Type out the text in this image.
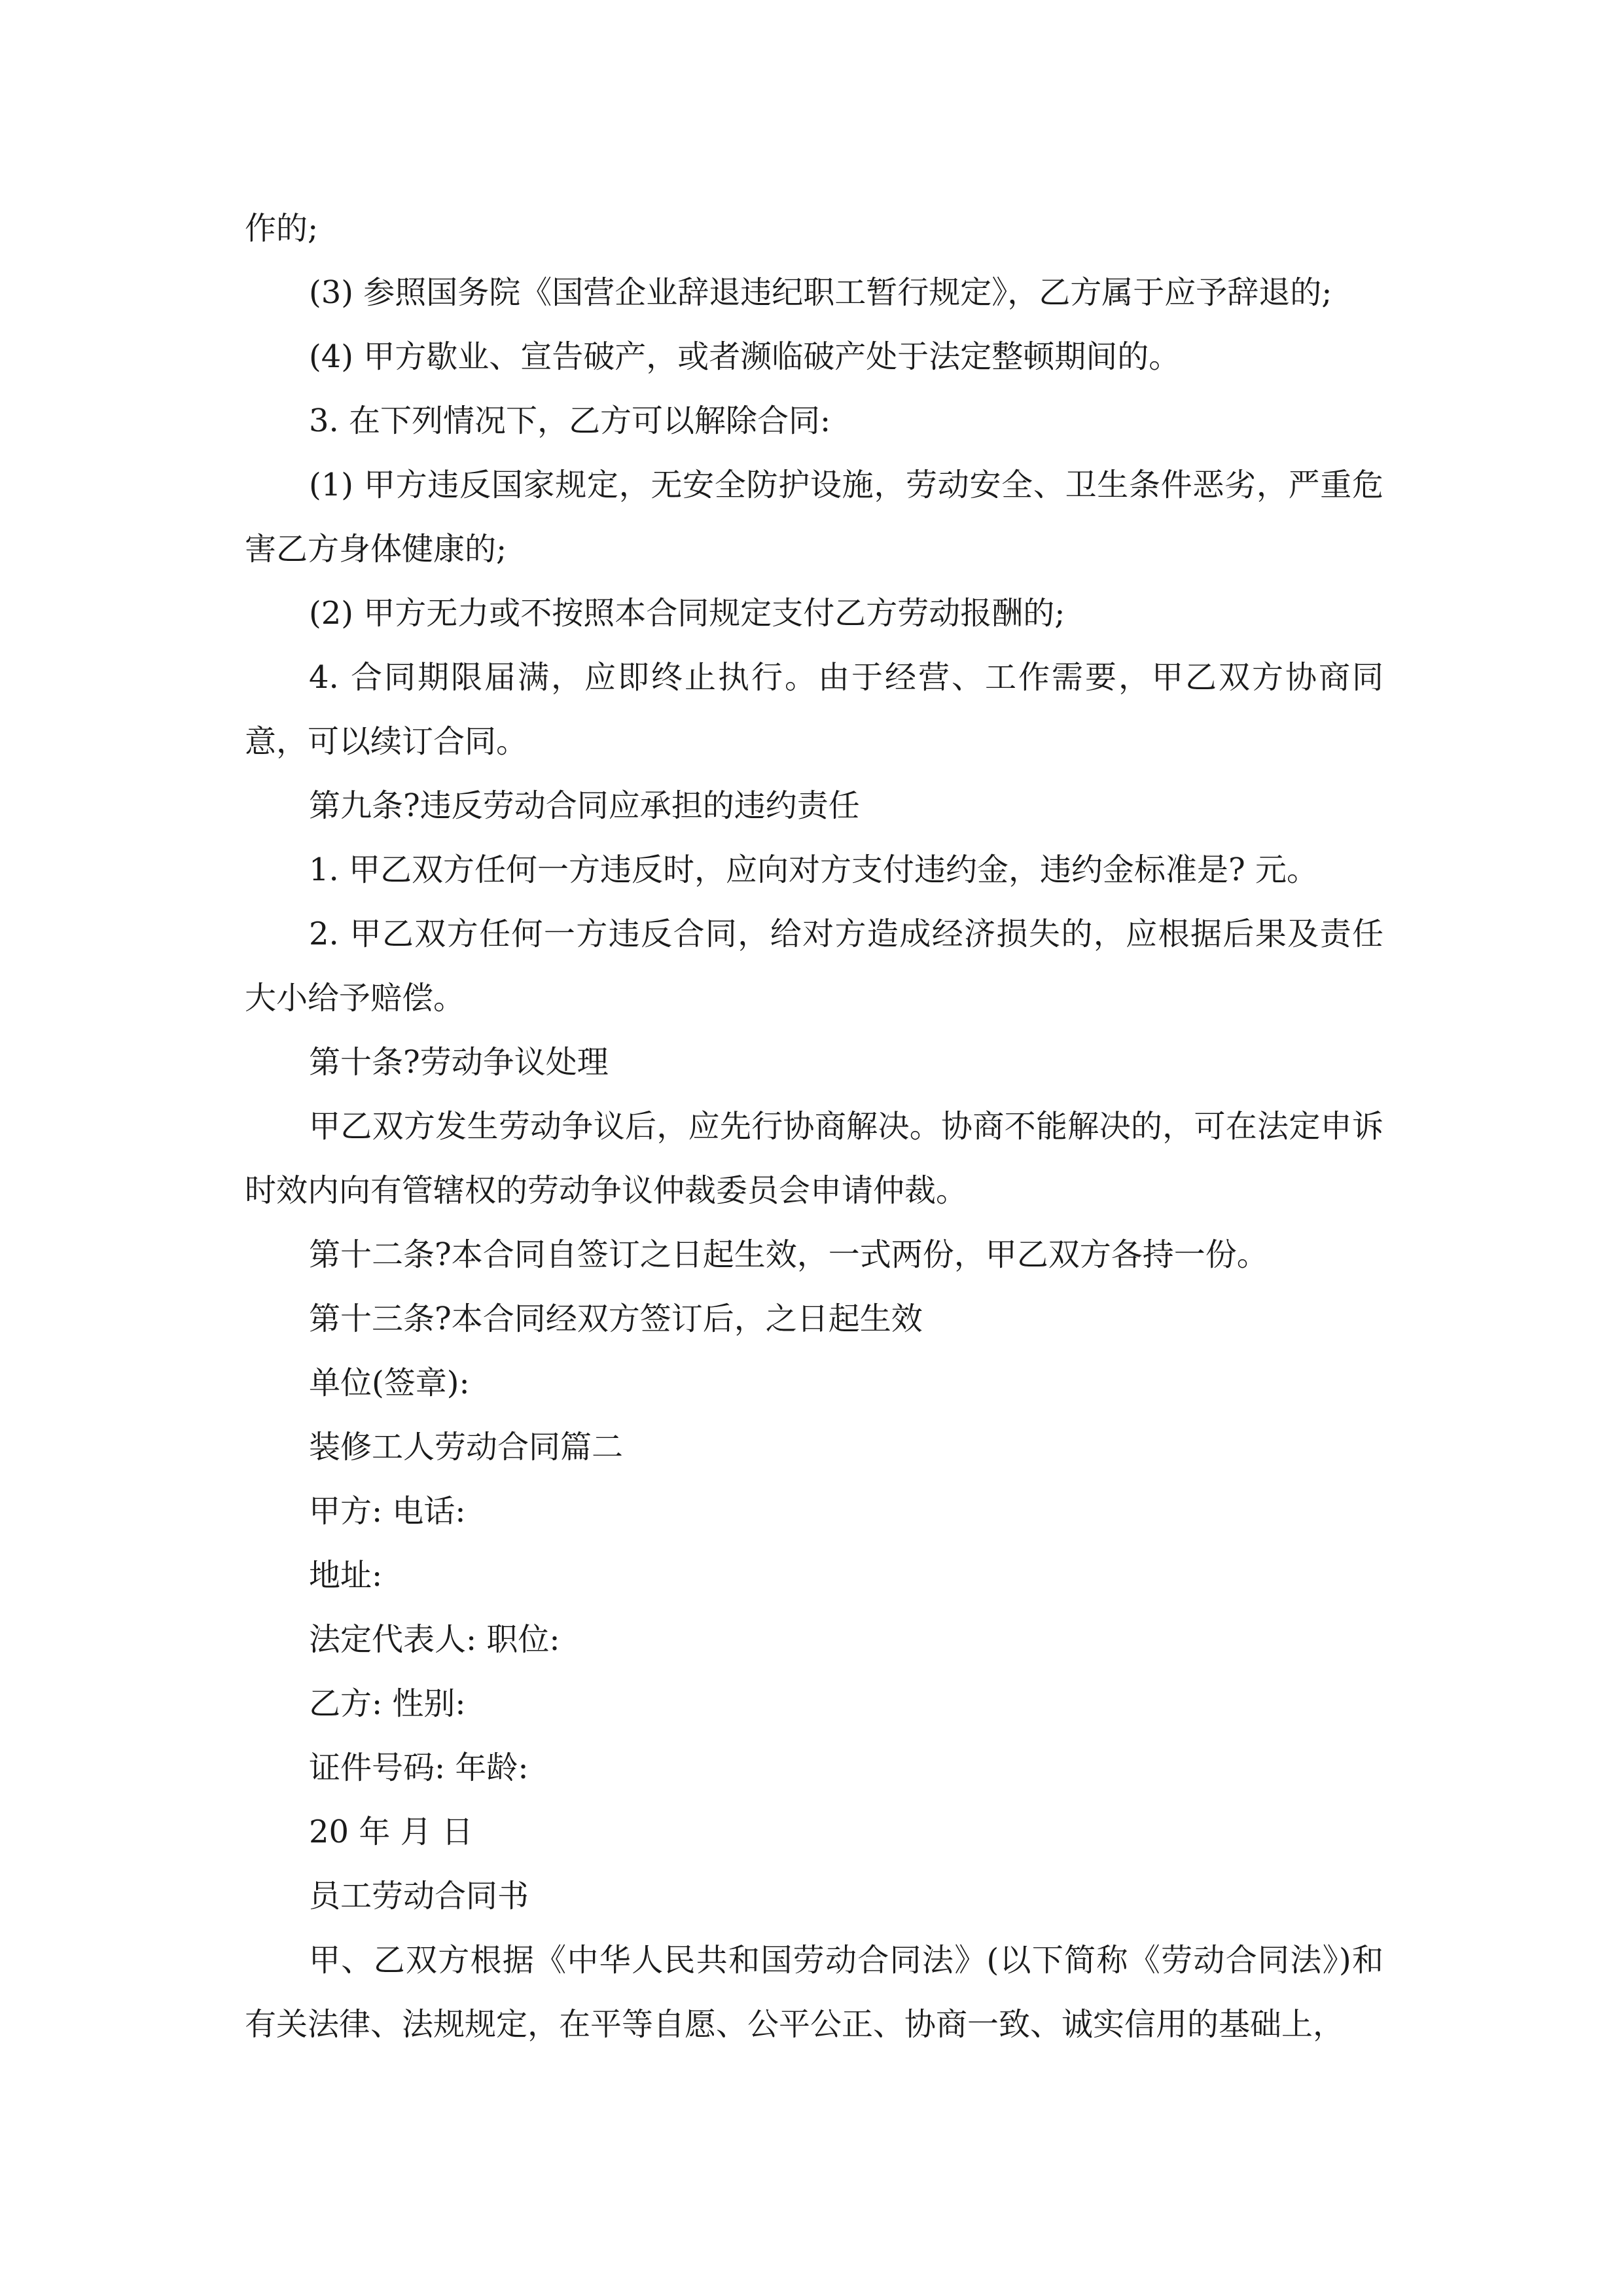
作的;

(3) 参照国务院《国营企业辞退违纪职工暂行规定》，乙方属于应予辞退的;

(4) 甲方歇业、宣告破产，或者濒临破产处于法定整顿期间的。

3. 在下列情况下，乙方可以解除合同:

(1) 甲方违反国家规定，无安全防护设施，劳动安全、卫生条件恶劣，严重危害乙方身体健康的;

(2) 甲方无力或不按照本合同规定支付乙方劳动报酬的;

4. 合同期限届满，应即终止执行。由于经营、工作需要，甲乙双方协商同意，可以续订合同。

第九条?违反劳动合同应承担的违约责任

1. 甲乙双方任何一方违反时，应向对方支付违约金，违约金标准是? 元。

2. 甲乙双方任何一方违反合同，给对方造成经济损失的，应根据后果及责任大小给予赔偿。

第十条?劳动争议处理

甲乙双方发生劳动争议后，应先行协商解决。协商不能解决的，可在法定申诉时效内向有管辖权的劳动争议仲裁委员会申请仲裁。

第十二条?本合同自签订之日起生效，一式两份，甲乙双方各持一份。

第十三条?本合同经双方签订后，之日起生效

单位(签章):

装修工人劳动合同篇二

甲方: 电话:

地址:

法定代表人: 职位:

乙方: 性别:

证件号码: 年龄:

20 年 月 日

员工劳动合同书

甲、乙双方根据《中华人民共和国劳动合同法》(以下简称《劳动合同法》)和有关法律、法规规定，在平等自愿、公平公正、协商一致、诚实信用的基础上，
